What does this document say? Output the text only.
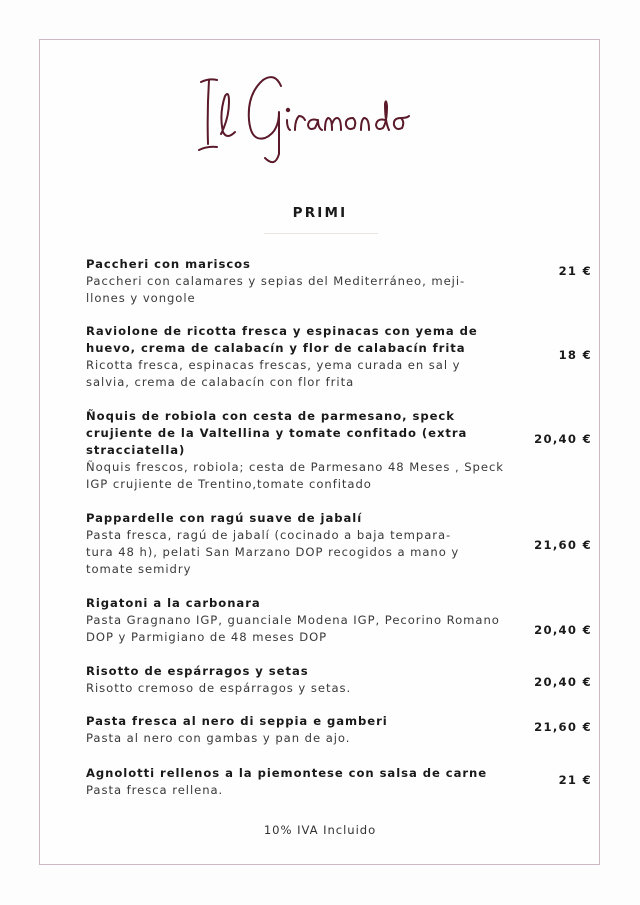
PRIMI
Paccheri con mariscos
Paccheri con calamares y sepias del Mediterráneo, meji-
llones y vongole
21 €
Raviolone de ricotta fresca y espinacas con yema de huevo, crema de calabacín y flor de calabacín frita
Ricotta fresca, espinacas frescas, yema curada en sal y salvia, crema de calabacín con flor frita
18 €
Ñoquis de robiola con cesta de parmesano, speck crujiente de la Valtellina y tomate confitado (extra stracciatella)
Ñoquis frescos, robiola; cesta de Parmesano 48 Meses , Speck IGP crujiente de Trentino,tomate confitado
20,40 €
Pappardelle con ragú suave de jabalí
Pasta fresca, ragú de jabalí (cocinado a baja tempara-
tura 48 h), pelati San Marzano DOP recogidos a mano y
tomate semidry
21,60 €
Rigatoni a la carbonara
Pasta Gragnano IGP, guanciale Modena IGP, Pecorino Romano DOP y Parmigiano de 48 meses DOP	20,40 €
Risotto de espárragos y setas
Risotto cremoso de espárragos y setas.	20,40 €
Pasta fresca al nero di seppia e gamberi
Pasta al nero con gambas y pan de ajo.
21,60 €
Agnolotti rellenos a la piemontese con salsa de carne
Pasta fresca rellena.
21 €
10% IVA Incluido
